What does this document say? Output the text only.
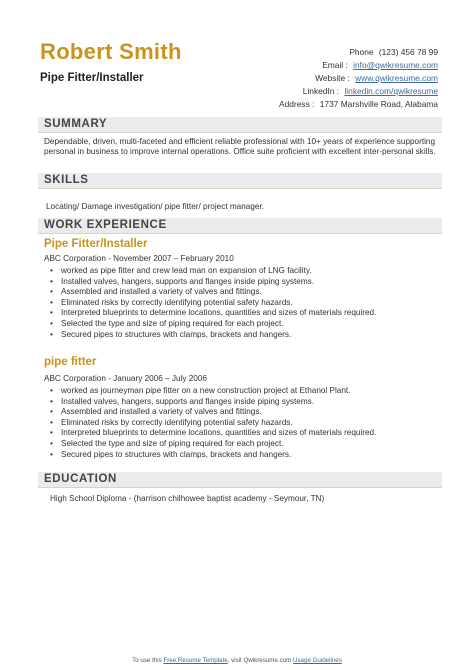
Robert Smith
Pipe Fitter/Installer
Phone
(123) 456 78 99
Email : info@qwikresume.com
Website : www.qwikresume.com
LinkedIn : linkedin.com/qwikresume
Address : 1737 Marshville Road, Alabama
SUMMARY
Dependable, driven, multi-faceted and efficient reliable professional with 10+ years of experience supporting personal in business to improve internal operations. Office suite proficient with excellent inter-personal skills.
SKILLS
Locating/ Damage investigation/ pipe fitter/ project manager.
WORK EXPERIENCE
Pipe Fitter/Installer
ABC Corporation - November 2007 – February 2010
• worked as pipe fitter and crew lead man on expansion of LNG facility.
• Installed valves, hangers, supports and flanges inside piping systems.
• Assembled and installed a variety of valves and fittings.
• Eliminated risks by correctly identifying potential safety hazards.
• Interpreted blueprints to determine locations, quantities and sizes of materials required.
• Selected the type and size of piping required for each project.
• Secured pipes to structures with clamps, brackets and hangers.
pipe fitter
ABC Corporation - January 2006 – July 2006
• worked as journeyman pipe fitter on a new construction project at Ethanol Plant.
• Installed valves, hangers, supports and flanges inside piping systems.
• Assembled and installed a variety of valves and fittings.
• Eliminated risks by correctly identifying potential safety hazards.
• Interpreted blueprints to determine locations, quantities and sizes of materials required.
• Selected the type and size of piping required for each project.
• Secured pipes to structures with clamps, brackets and hangers.
EDUCATION
High School Diploma - (harrison chilhowee baptist academy - Seymour, TN)
To use this Free Resume Template, visit Qwikresume.com Usage Guidelines
